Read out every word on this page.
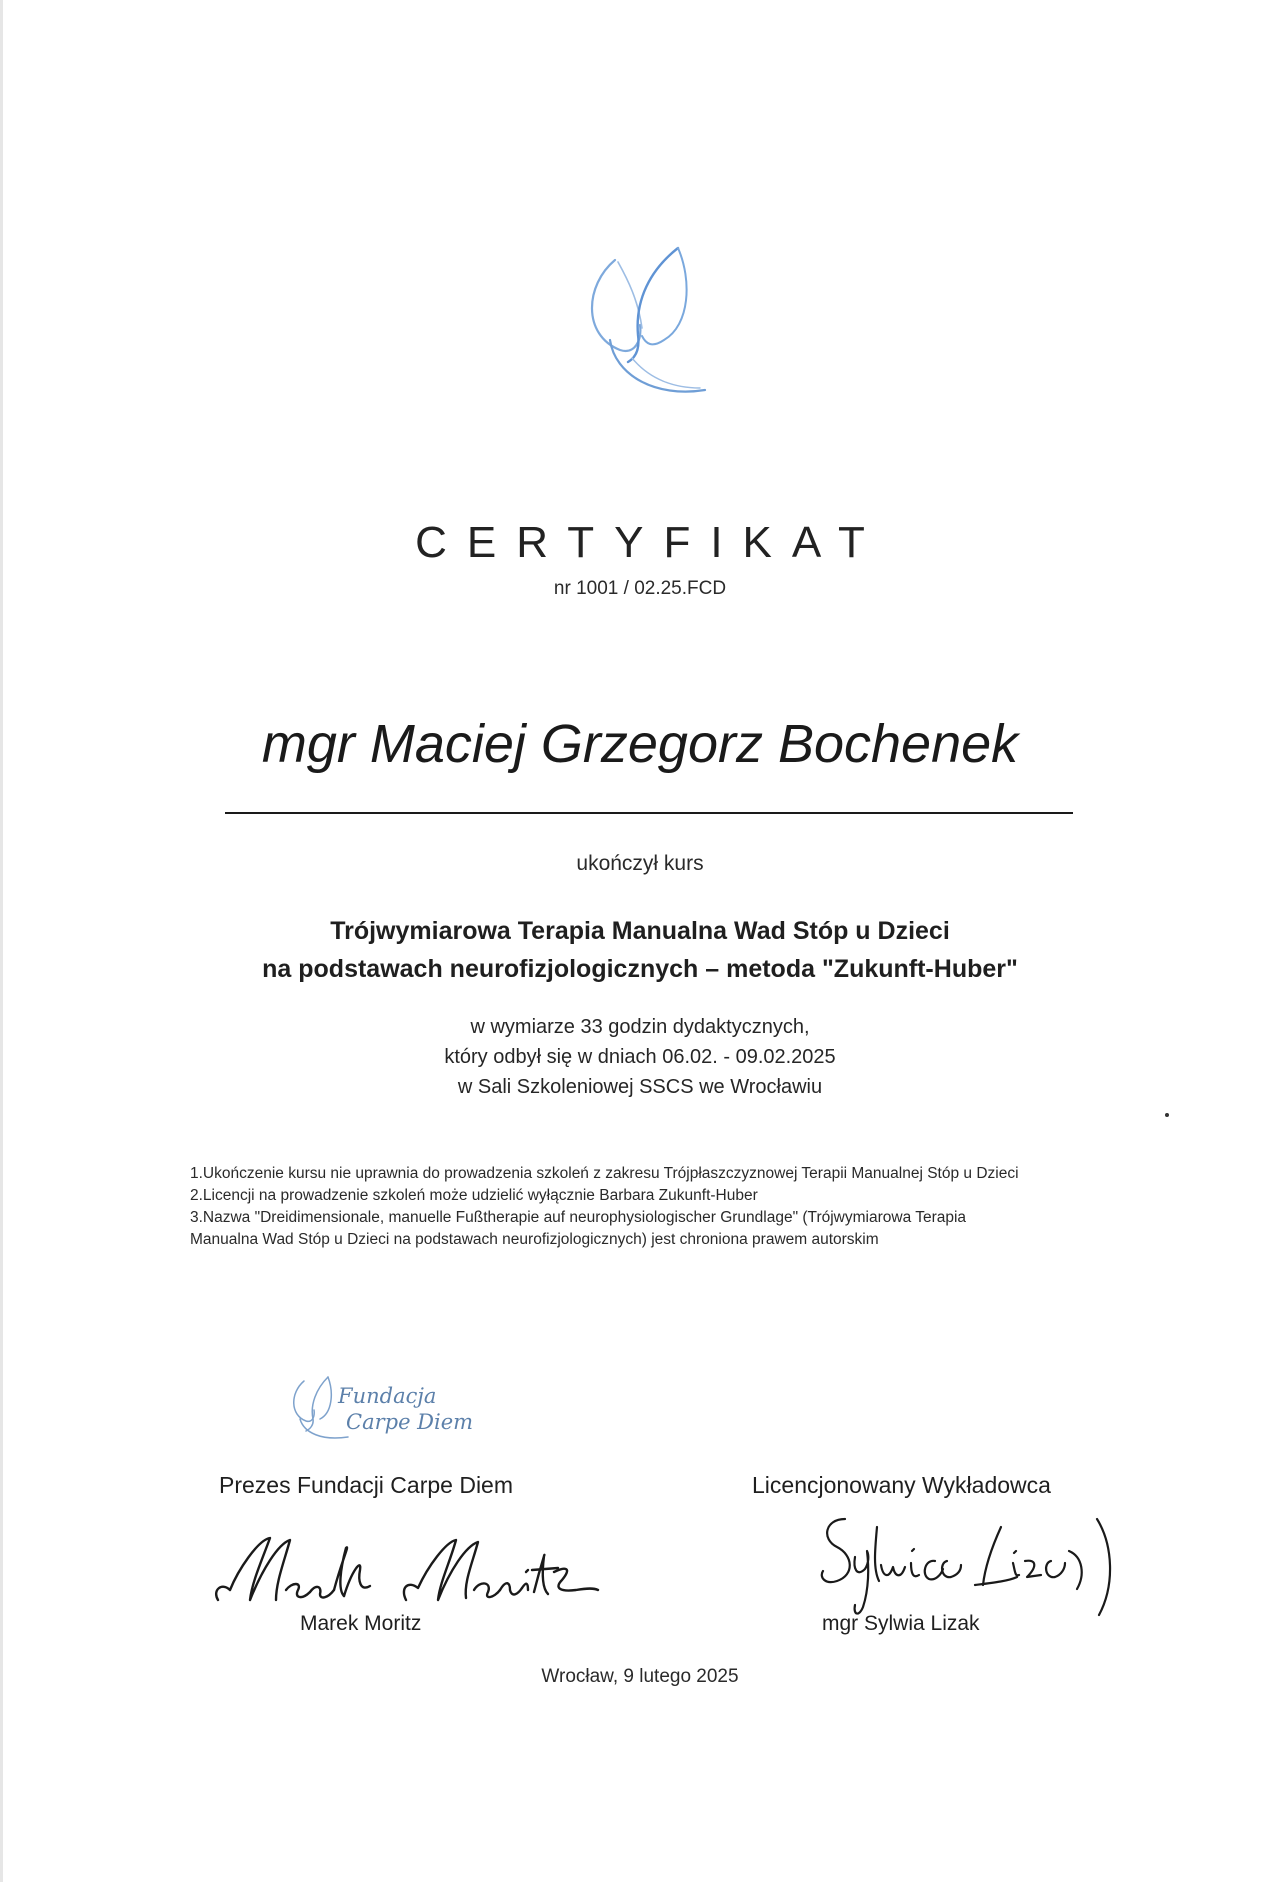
CERTYFIKAT
nr 1001 / 02.25.FCD
mgr Maciej Grzegorz Bochenek
ukończył kurs
Trójwymiarowa Terapia Manualna Wad Stóp u Dzieci
na podstawach neurofizjologicznych – metoda "Zukunft-Huber"
w wymiarze 33 godzin dydaktycznych,
który odbył się w dniach 06.02. - 09.02.2025
w Sali Szkoleniowej SSCS we Wrocławiu
1.Ukończenie kursu nie uprawnia do prowadzenia szkoleń z zakresu Trójpłaszczyznowej Terapii Manualnej Stóp u Dzieci
2.Licencji na prowadzenie szkoleń może udzielić wyłącznie Barbara Zukunft-Huber
3.Nazwa "Dreidimensionale, manuelle Fußtherapie auf neurophysiologischer Grundlage" (Trójwymiarowa Terapia
Manualna Wad Stóp u Dzieci na podstawach neurofizjologicznych) jest chroniona prawem autorskim
Fundacja
Carpe Diem
Prezes Fundacji Carpe Diem	Licencjonowany Wykładowca
Marek Moritz	mgr Sylwia Lizak
Wrocław, 9 lutego 2025
